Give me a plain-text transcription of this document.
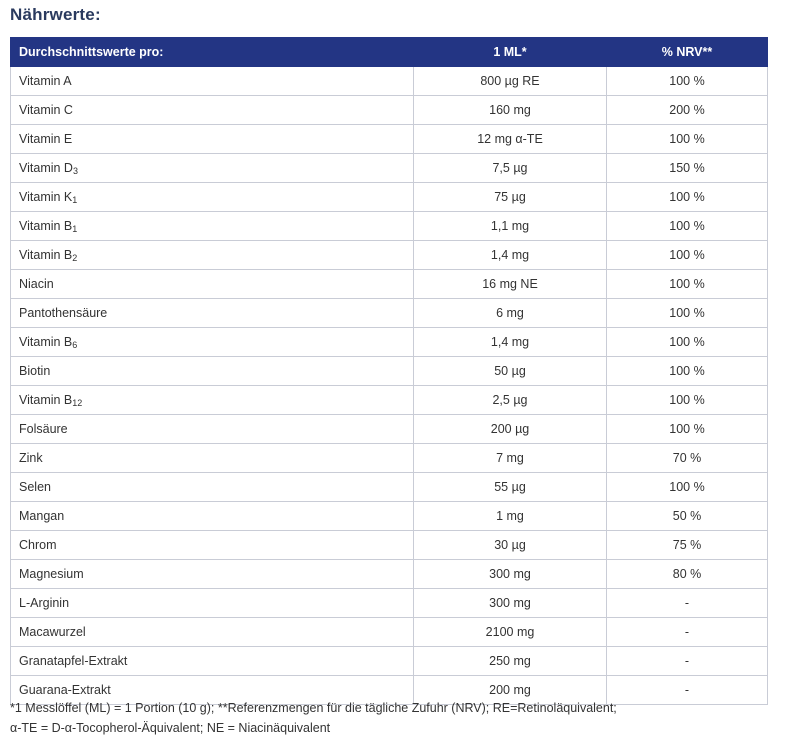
Nährwerte:
Durchschnittswerte pro:	1 ML*	% NRV**
Vitamin A	800 µg RE	100 %
Vitamin C	160 mg	200 %
Vitamin E	12 mg α-TE	100 %
Vitamin $D_3$	7,5 µg	150 %
Vitamin $K_1$	75 µg	100 %
Vitamin $B_1$	1,1 mg	100 %
Vitamin $B_2$	1,4 mg	100 %
Niacin	16 mg NE	100 %
Pantothensäure	6 mg	100 %
Vitamin $B_6$	1,4 mg	100 %
Biotin	50 µg	100 %
Vitamin $B_{12}$	2,5 µg	100 %
Folsäure	200 µg	100 %
Zink	7 mg	70 %
Selen	55 µg	100 %
Mangan	1 mg	50 %
Chrom	30 µg	75 %
Magnesium	300 mg	80 %
L-Arginin	300 mg	-
Macawurzel	2100 mg	-
Granatapfel-Extrakt	250 mg	-
Guarana-Extrakt	200 mg	-
*1 Messlöffel (ML) = 1 Portion (10 g); **Referenzmengen für die tägliche Zufuhr (NRV); RE=Retinoläquivalent;
α-TE = D-α-Tocopherol-Äquivalent; NE = Niacinäquivalent
